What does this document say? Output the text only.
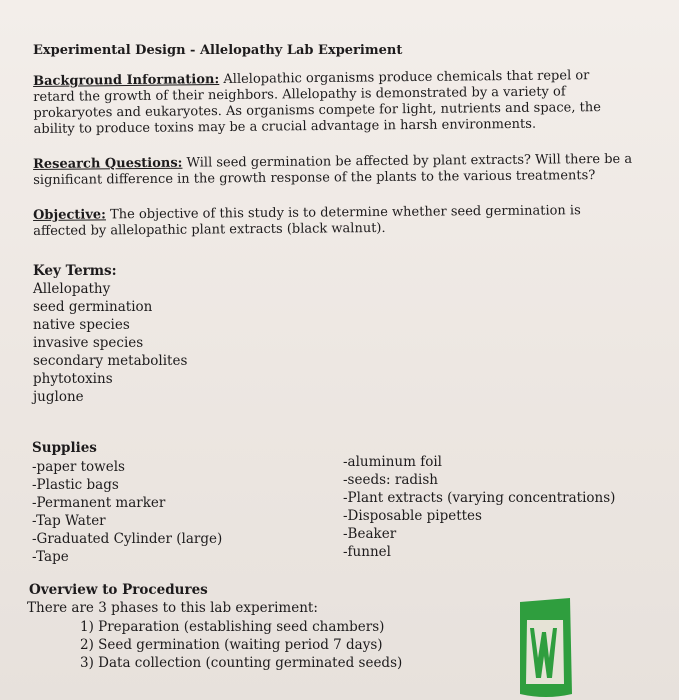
Experimental Design - Allelopathy Lab Experiment
Background Information: Allelopathic organisms produce chemicals that repel or retard the growth of their neighbors. Allelopathy is demonstrated by a variety of prokaryotes and eukaryotes. As organisms compete for light, nutrients and space, the ability to produce toxins may be a crucial advantage in harsh environments.
Research Questions: Will seed germination be affected by plant extracts? Will there be a significant difference in the growth response of the plants to the various treatments?
Objective: The objective of this study is to determine whether seed germination is affected by allelopathic plant extracts (black walnut).
Key Terms:
Allelopathy
seed germination
native species
invasive species
secondary metabolites
phytotoxins
juglone
Supplies
-paper towels
-Plastic bags
-Permanent marker
-Tap Water
-Graduated Cylinder (large)
-Tape
-aluminum foil
-seeds: radish
-Plant extracts (varying concentrations)
-Disposable pipettes
-Beaker
-funnel
Overview to Procedures
There are 3 phases to this lab experiment:
1) Preparation (establishing seed chambers)
2) Seed germination (waiting period 7 days)
3) Data collection (counting germinated seeds)
